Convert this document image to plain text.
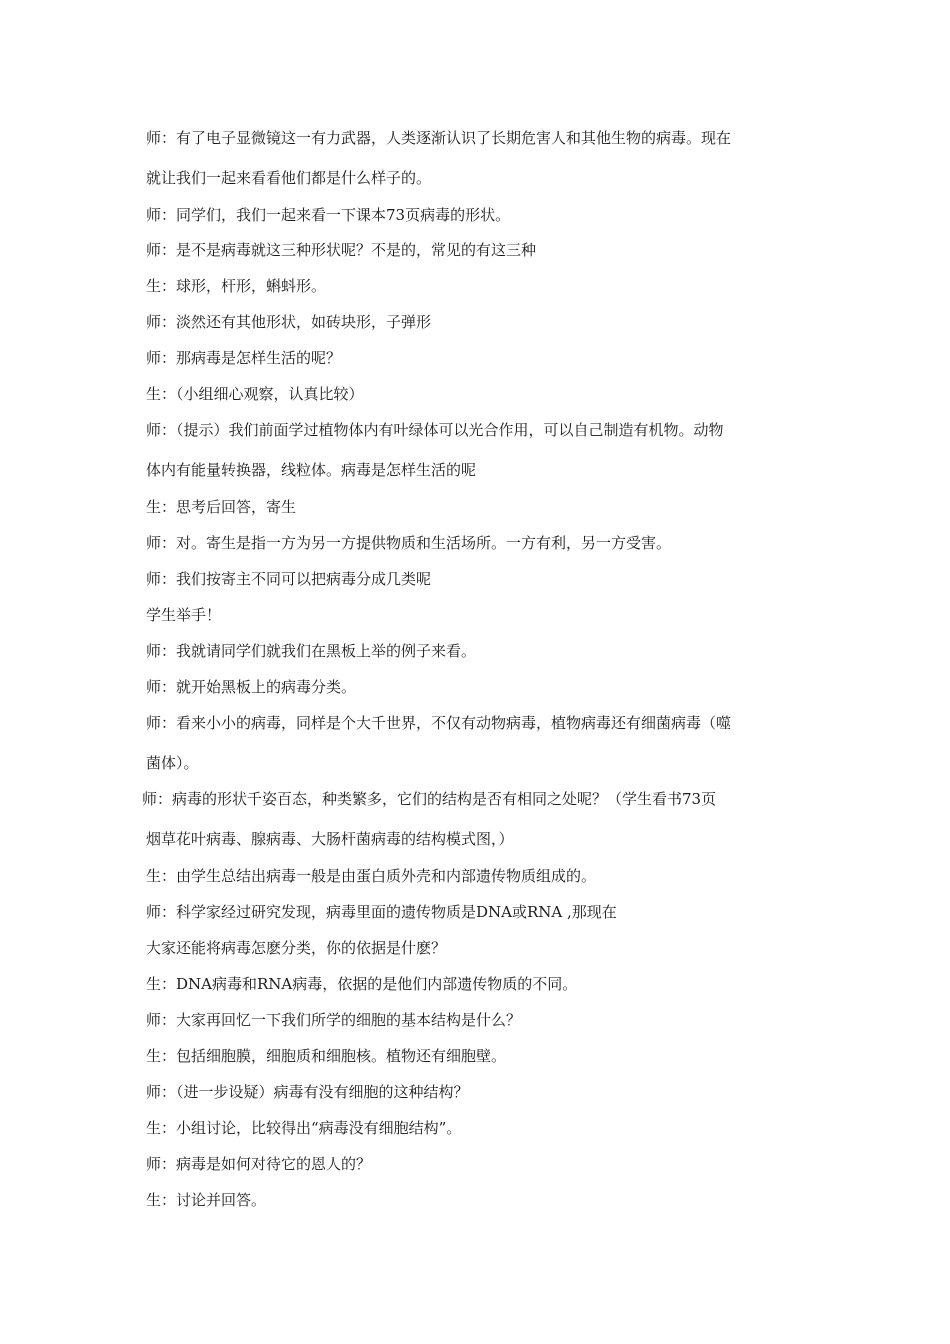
师：有了电子显微镜这一有力武器，人类逐渐认识了长期危害人和其他生物的病毒。现在
就让我们一起来看看他们都是什么样子的。
师：同学们，我们一起来看一下课本73页病毒的形状。
师：是不是病毒就这三种形状呢？不是的，常见的有这三种
生：球形，杆形，蝌蚪形。
师：淡然还有其他形状，如砖块形，子弹形
师：那病毒是怎样生活的呢？
生：（小组细心观察，认真比较）
师：（提示）我们前面学过植物体内有叶绿体可以光合作用，可以自己制造有机物。动物
体内有能量转换器，线粒体。病毒是怎样生活的呢
生：思考后回答，寄生
师：对。寄生是指一方为另一方提供物质和生活场所。一方有利，另一方受害。
师：我们按寄主不同可以把病毒分成几类呢
学生举手！
师：我就请同学们就我们在黑板上举的例子来看。
师：就开始黑板上的病毒分类。
师：看来小小的病毒，同样是个大千世界，不仅有动物病毒，植物病毒还有细菌病毒（噬
菌体）。
师：病毒的形状千姿百态，种类繁多，它们的结构是否有相同之处呢？（学生看书73页
烟草花叶病毒、腺病毒、大肠杆菌病毒的结构模式图，）
生：由学生总结出病毒一般是由蛋白质外壳和内部遗传物质组成的。
师：科学家经过研究发现，病毒里面的遗传物质是DNA或RNA ,那现在
大家还能将病毒怎麽分类，你的依据是什麽？
生：DNA病毒和RNA病毒，依据的是他们内部遗传物质的不同。
师：大家再回忆一下我们所学的细胞的基本结构是什么？
生：包括细胞膜，细胞质和细胞核。植物还有细胞壁。
师：（进一步设疑）病毒有没有细胞的这种结构？
生：小组讨论，比较得出“病毒没有细胞结构”。
师：病毒是如何对待它的恩人的？
生：讨论并回答。
